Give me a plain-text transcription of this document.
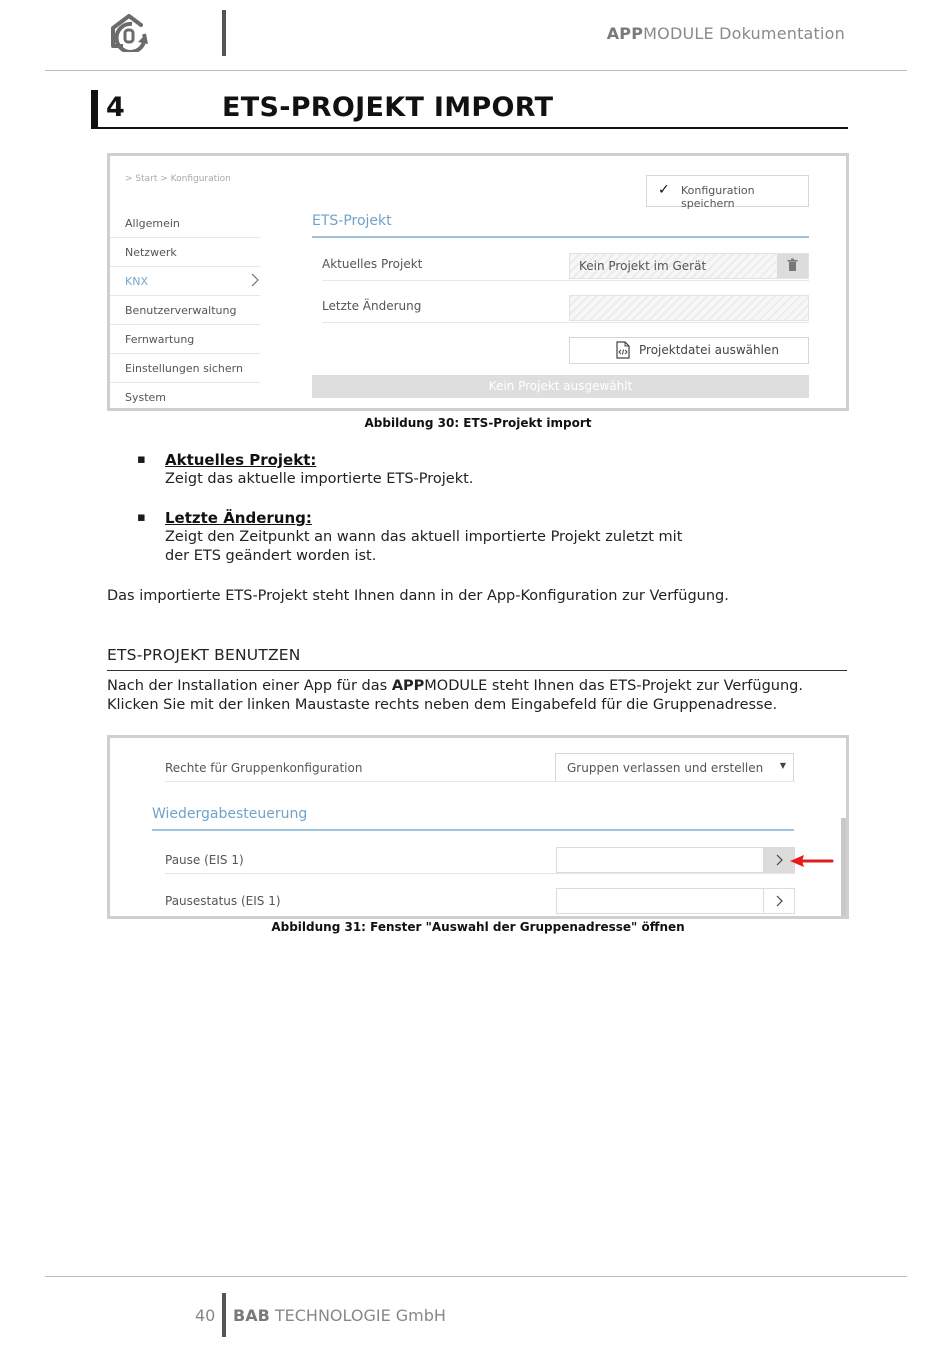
APPMODULE Dokumentation
4	ETS-PROJEKT IMPORT
> Start > Konfiguration
Allgemein
Netzwerk
KNX
Benutzerverwaltung
Fernwartung
Einstellungen sichern
System
✓ Konfiguration speichern
ETS-Projekt
Aktuelles Projekt	Kein Projekt im Gerät
Letzte Änderung
Projektdatei auswählen
Kein Projekt ausgewählt
Abbildung 30: ETS-Projekt import
▪ Aktuelles Projekt:
Zeigt das aktuelle importierte ETS-Projekt.
▪ Letzte Änderung:
Zeigt den Zeitpunkt an wann das aktuell importierte Projekt zuletzt mit der ETS geändert worden ist.
Das importierte ETS-Projekt steht Ihnen dann in der App-Konfiguration zur Verfügung.
ETS-PROJEKT BENUTZEN
Nach der Installation einer App für das APPMODULE steht Ihnen das ETS-Projekt zur Verfügung. Klicken Sie mit der linken Maustaste rechts neben dem Eingabefeld für die Gruppenadresse.
Rechte für Gruppenkonfiguration	Gruppen verlassen und erstellen ▼
Wiedergabesteuerung
Pause (EIS 1)
Pausestatus (EIS 1)
Abbildung 31: Fenster "Auswahl der Gruppenadresse" öffnen
40 BAB TECHNOLOGIE GmbH
